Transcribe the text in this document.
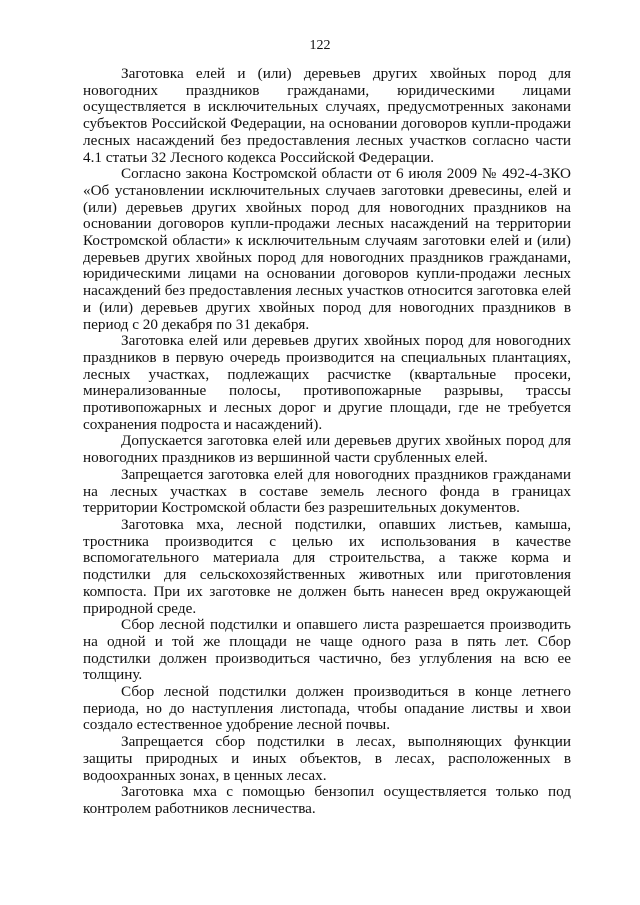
122

Заготовка елей и (или) деревьев других хвойных пород для новогодних праздников гражданами, юридическими лицами осуществляется в исключительных случаях, предусмотренных законами субъектов Российской Федерации, на основании договоров купли-продажи лесных насаждений без предоставления лесных участков согласно части 4.1 статьи 32 Лесного кодекса Российской Федерации.

Согласно закона Костромской области от 6 июля 2009 № 492-4-ЗКО «Об установлении исключительных случаев заготовки древесины, елей и (или) деревьев других хвойных пород для новогодних праздников на основании договоров купли-продажи лесных насаждений на территории Костромской области» к исключительным случаям заготовки елей и (или) деревьев других хвойных пород для новогодних праздников гражданами, юридическими лицами на основании договоров купли-продажи лесных насаждений без предоставления лесных участков относится заготовка елей и (или) деревьев других хвойных пород для новогодних праздников в период с 20 декабря по 31 декабря.

Заготовка елей или деревьев других хвойных пород для новогодних праздников в первую очередь производится на специальных плантациях, лесных участках, подлежащих расчистке (квартальные просеки, минерализованные полосы, противопожарные разрывы, трассы противопожарных и лесных дорог и другие площади, где не требуется сохранения подроста и насаждений).

Допускается заготовка елей или деревьев других хвойных пород для новогодних праздников из вершинной части срубленных елей.

Запрещается заготовка елей для новогодних праздников гражданами на лесных участках в составе земель лесного фонда в границах территории Костромской области без разрешительных документов.

Заготовка мха, лесной подстилки, опавших листьев, камыша, тростника производится с целью их использования в качестве вспомогательного материала для строительства, а также корма и подстилки для сельскохозяйственных животных или приготовления компоста. При их заготовке не должен быть нанесен вред окружающей природной среде.

Сбор лесной подстилки и опавшего листа разрешается производить на одной и той же площади не чаще одного раза в пять лет. Сбор подстилки должен производиться частично, без углубления на всю ее толщину.

Сбор лесной подстилки должен производиться в конце летнего периода, но до наступления листопада, чтобы опадание листвы и хвои создало естественное удобрение лесной почвы.

Запрещается сбор подстилки в лесах, выполняющих функции защиты природных и иных объектов, в лесах, расположенных в водоохранных зонах, в ценных лесах.

Заготовка мха с помощью бензопил осуществляется только под контролем работников лесничества.
